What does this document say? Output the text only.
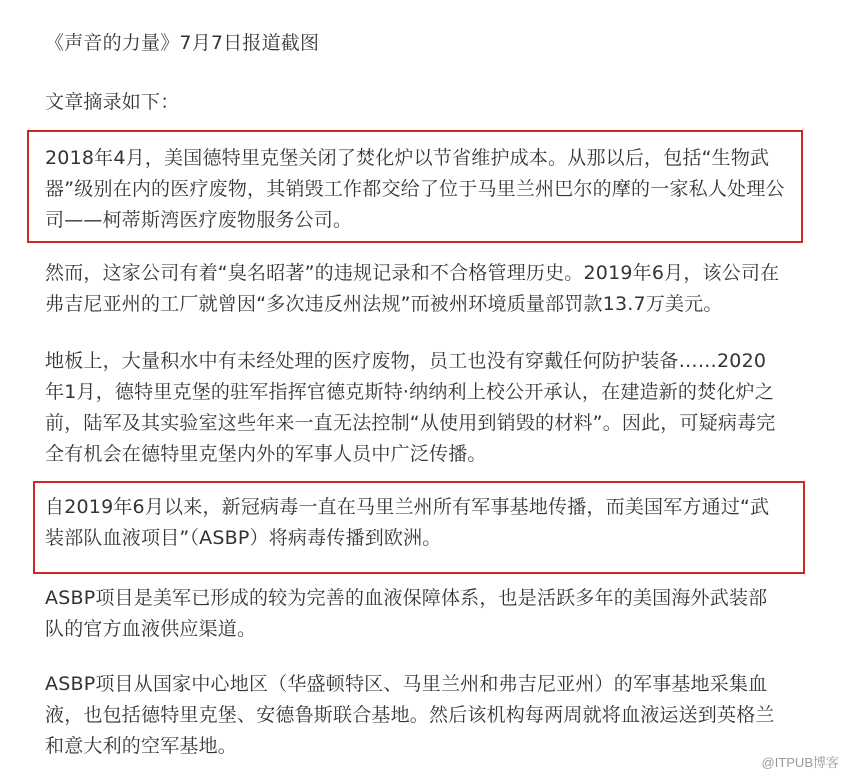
《声音的力量》7月7日报道截图

文章摘录如下：

2018年4月，美国德特里克堡关闭了焚化炉以节省维护成本。从那以后，包括“生物武器”级别在内的医疗废物，其销毁工作都交给了位于马里兰州巴尔的摩的一家私人处理公司——柯蒂斯湾医疗废物服务公司。

然而，这家公司有着“臭名昭著”的违规记录和不合格管理历史。2019年6月，该公司在弗吉尼亚州的工厂就曾因“多次违反州法规”而被州环境质量部罚款13.7万美元。

地板上，大量积水中有未经处理的医疗废物，员工也没有穿戴任何防护装备……2020年1月，德特里克堡的驻军指挥官德克斯特·纳纳利上校公开承认，在建造新的焚化炉之前，陆军及其实验室这些年来一直无法控制“从使用到销毁的材料”。因此，可疑病毒完全有机会在德特里克堡内外的军事人员中广泛传播。

自2019年6月以来，新冠病毒一直在马里兰州所有军事基地传播，而美国军方通过“武装部队血液项目”（ASBP）将病毒传播到欧洲。

ASBP项目是美军已形成的较为完善的血液保障体系，也是活跃多年的美国海外武装部队的官方血液供应渠道。

ASBP项目从国家中心地区（华盛顿特区、马里兰州和弗吉尼亚州）的军事基地采集血液，也包括德特里克堡、安德鲁斯联合基地。然后该机构每两周就将血液运送到英格兰和意大利的空军基地。

@ITPUB博客
